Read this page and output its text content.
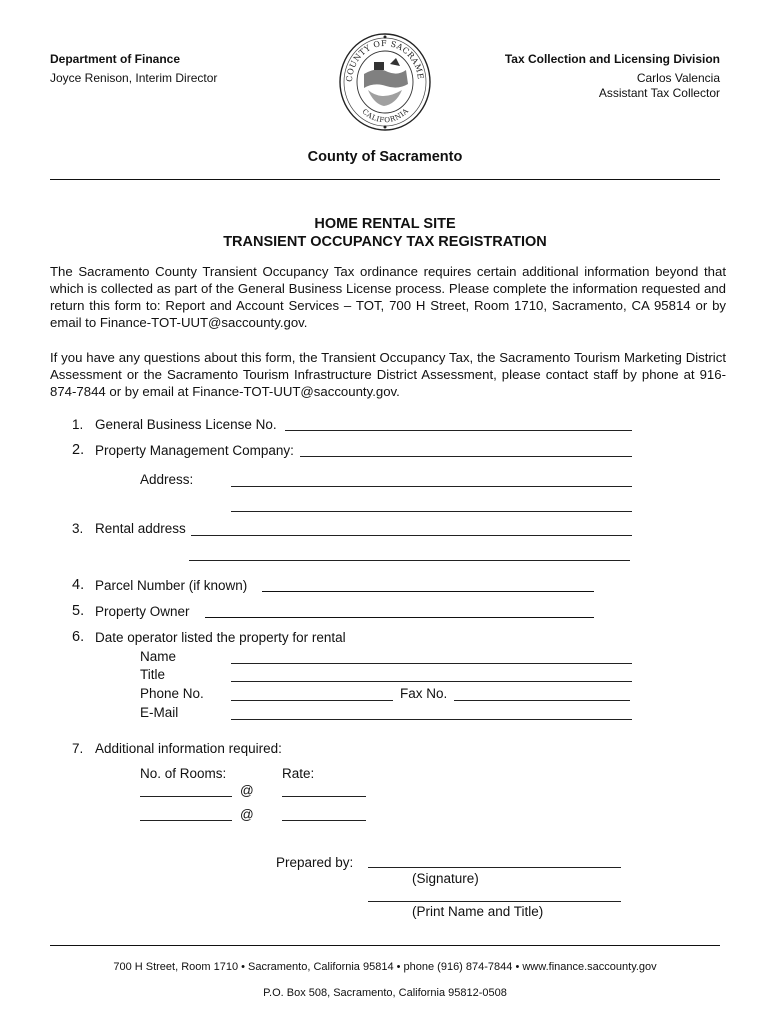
Department of Finance
Joyce Renison, Interim Director
Tax Collection and Licensing Division
Carlos Valencia
Assistant Tax Collector
COUNTY OF SACRAME
CALIFORNIA
County of Sacramento
HOME RENTAL SITE
TRANSIENT OCCUPANCY TAX REGISTRATION
The Sacramento County Transient Occupancy Tax ordinance requires certain additional information beyond that which is collected as part of the General Business License process. Please complete the information requested and return this form to: Report and Account Services – TOT, 700 H Street, Room 1710, Sacramento, CA 95814 or by email to Finance-TOT-UUT@saccounty.gov.
If you have any questions about this form, the Transient Occupancy Tax, the Sacramento Tourism Marketing District Assessment or the Sacramento Tourism Infrastructure District Assessment, please contact staff by phone at 916-874-7844 or by email at Finance-TOT-UUT@saccounty.gov.
1. General Business License No.
2. Property Management Company:
Address:
3. Rental address
4. Parcel Number (if known)
5. Property Owner
6. Date operator listed the property for rental
Name
Title
Phone No.	Fax No.
E-Mail
7. Additional information required:
No. of Rooms:	Rate:
@
@
Prepared by:
(Signature)
(Print Name and Title)
700 H Street, Room 1710 • Sacramento, California 95814 • phone (916) 874-7844 • www.finance.saccounty.gov
P.O. Box 508, Sacramento, California 95812-0508
